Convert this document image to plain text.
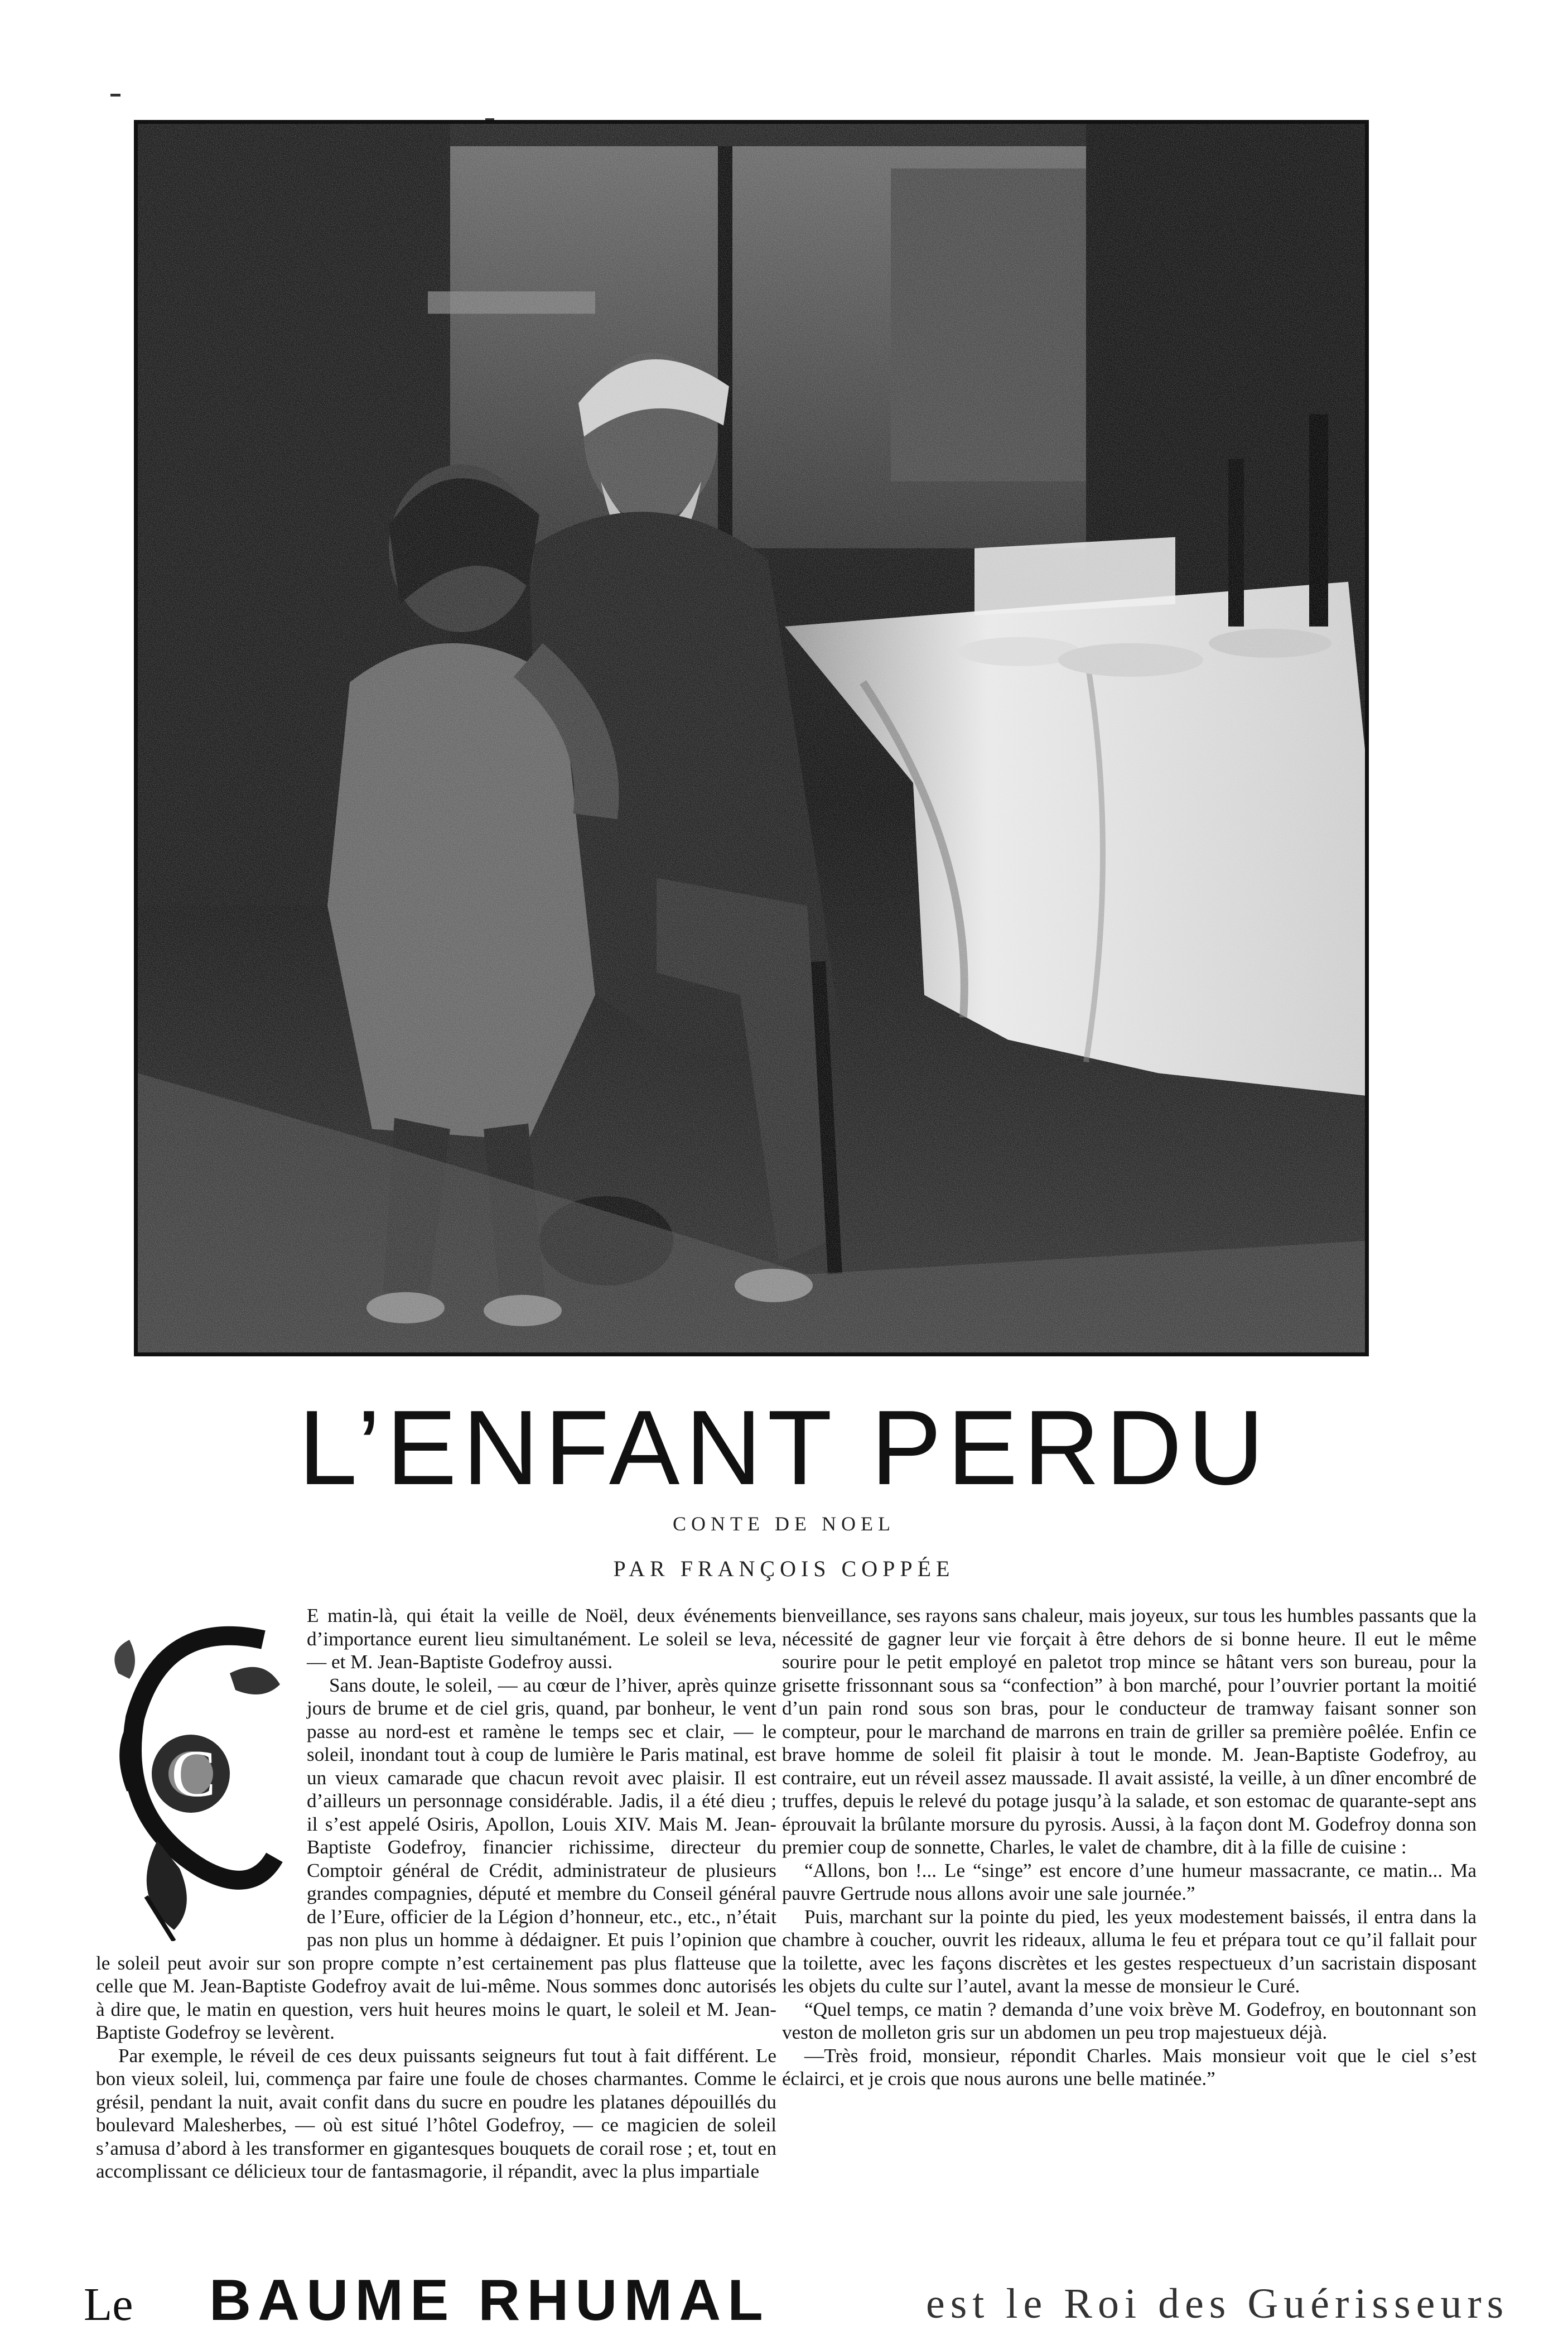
L’ENFANT PERDU
CONTE DE NOEL
PAR FRANÇOIS COPPÉE
C

E matin-là, qui était la veille de Noël, deux événements d’importance eurent lieu simultanément. Le soleil se leva, — et M. Jean-Baptiste Godefroy aussi.

Sans doute, le soleil, — au cœur de l’hiver, après quinze jours de brume et de ciel gris, quand, par bonheur, le vent passe au nord-est et ramène le temps sec et clair, — le soleil, inondant tout à coup de lumière le Paris matinal, est un vieux camarade que chacun revoit avec plaisir. Il est d’ailleurs un personnage considérable. Jadis, il a été dieu ; il s’est appelé Osiris, Apollon, Louis XIV. Mais M. Jean-Baptiste Godefroy, financier richissime, directeur du Comptoir général de Crédit, administrateur de plusieurs grandes compagnies, député et membre du Conseil général de l’Eure, officier de la Légion d’honneur, etc., etc., n’était pas non plus un homme à dédaigner. Et puis l’opinion que le soleil peut avoir sur son propre compte n’est certainement pas plus flatteuse que celle que M. Jean-Baptiste Godefroy avait de lui-même. Nous sommes donc autorisés à dire que, le matin en question, vers huit heures moins le quart, le soleil et M. Jean-Baptiste Godefroy se levèrent.

Par exemple, le réveil de ces deux puissants seigneurs fut tout à fait différent. Le bon vieux soleil, lui, commença par faire une foule de choses charmantes. Comme le grésil, pendant la nuit, avait confit dans du sucre en poudre les platanes dépouillés du boulevard Malesherbes, — où est situé l’hôtel Godefroy, — ce magicien de soleil s’amusa d’abord à les transformer en gigantesques bouquets de corail rose ; et, tout en accomplissant ce délicieux tour de fantasmagorie, il répandit, avec la plus impartiale

bienveillance, ses rayons sans chaleur, mais joyeux, sur tous les humbles passants que la nécessité de gagner leur vie forçait à être dehors de si bonne heure. Il eut le même sourire pour le petit employé en paletot trop mince se hâtant vers son bureau, pour la grisette frissonnant sous sa “confection” à bon marché, pour l’ouvrier portant la moitié d’un pain rond sous son bras, pour le conducteur de tramway faisant sonner son compteur, pour le marchand de marrons en train de griller sa première poêlée. Enfin ce brave homme de soleil fit plaisir à tout le monde. M. Jean-Baptiste Godefroy, au contraire, eut un réveil assez maussade. Il avait assisté, la veille, à un dîner encombré de truffes, depuis le relevé du potage jusqu’à la salade, et son estomac de quarante-sept ans éprouvait la brûlante morsure du pyrosis. Aussi, à la façon dont M. Godefroy donna son premier coup de sonnette, Charles, le valet de chambre, dit à la fille de cuisine :

“Allons, bon !... Le “singe” est encore d’une humeur massacrante, ce matin... Ma pauvre Gertrude nous allons avoir une sale journée.”

Puis, marchant sur la pointe du pied, les yeux modestement baissés, il entra dans la chambre à coucher, ouvrit les rideaux, alluma le feu et prépara tout ce qu’il fallait pour la toilette, avec les façons discrètes et les gestes respectueux d’un sacristain disposant les objets du culte sur l’autel, avant la messe de monsieur le Curé.

“Quel temps, ce matin ? demanda d’une voix brève M. Godefroy, en boutonnant son veston de molleton gris sur un abdomen un peu trop majestueux déjà.

—Très froid, monsieur, répondit Charles. Mais monsieur voit que le ciel s’est éclairci, et je crois que nous aurons une belle matinée.”

Le BAUME RHUMAL	est le Roi des Guérisseurs
